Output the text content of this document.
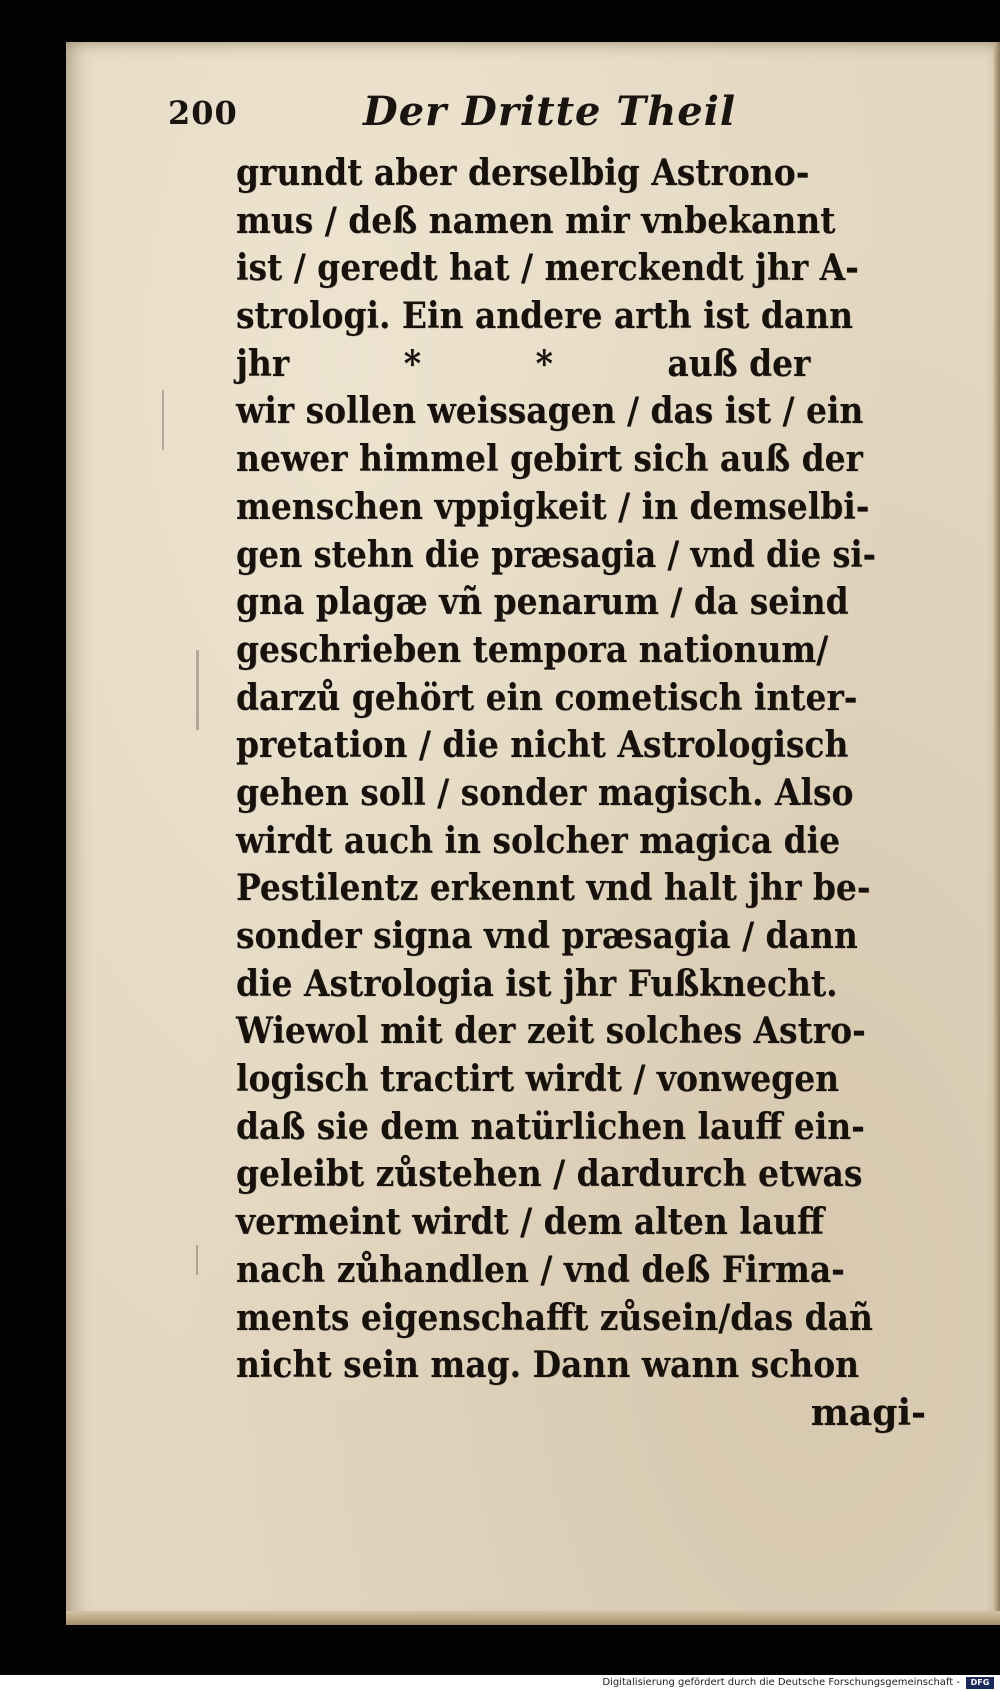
200	Der Dritte Theil
grundt aber derselbig Astrono-
mus / deß namen mir vnbekannt
ist / geredt hat / merckendt jhr A-
strologi. Ein andere arth ist dann
jhr          *          *          auß der
wir sollen weissagen / das ist / ein
newer himmel gebirt sich auß der
menschen vppigkeit / in demselbi-
gen stehn die præsagia / vnd die si-
gna plagæ vñ penarum / da seind
geschrieben tempora nationum/
darzů gehört ein cometisch inter-
pretation / die nicht Astrologisch
gehen soll / sonder magisch. Also
wirdt auch in solcher magica die
Pestilentz erkennt vnd halt jhr be-
sonder signa vnd præsagia / dann
die Astrologia ist jhr Fußknecht.
Wiewol mit der zeit solches Astro-
logisch tractirt wirdt / vonwegen
daß sie dem natürlichen lauff ein-
geleibt zůstehen / dardurch etwas
vermeint wirdt / dem alten lauff
nach zůhandlen / vnd deß Firma-
ments eigenschafft zůsein/das dañ
nicht sein mag. Dann wann schon
magi-
Digitalisierung gefördert durch die Deutsche Forschungsgemeinschaft -	DFG
